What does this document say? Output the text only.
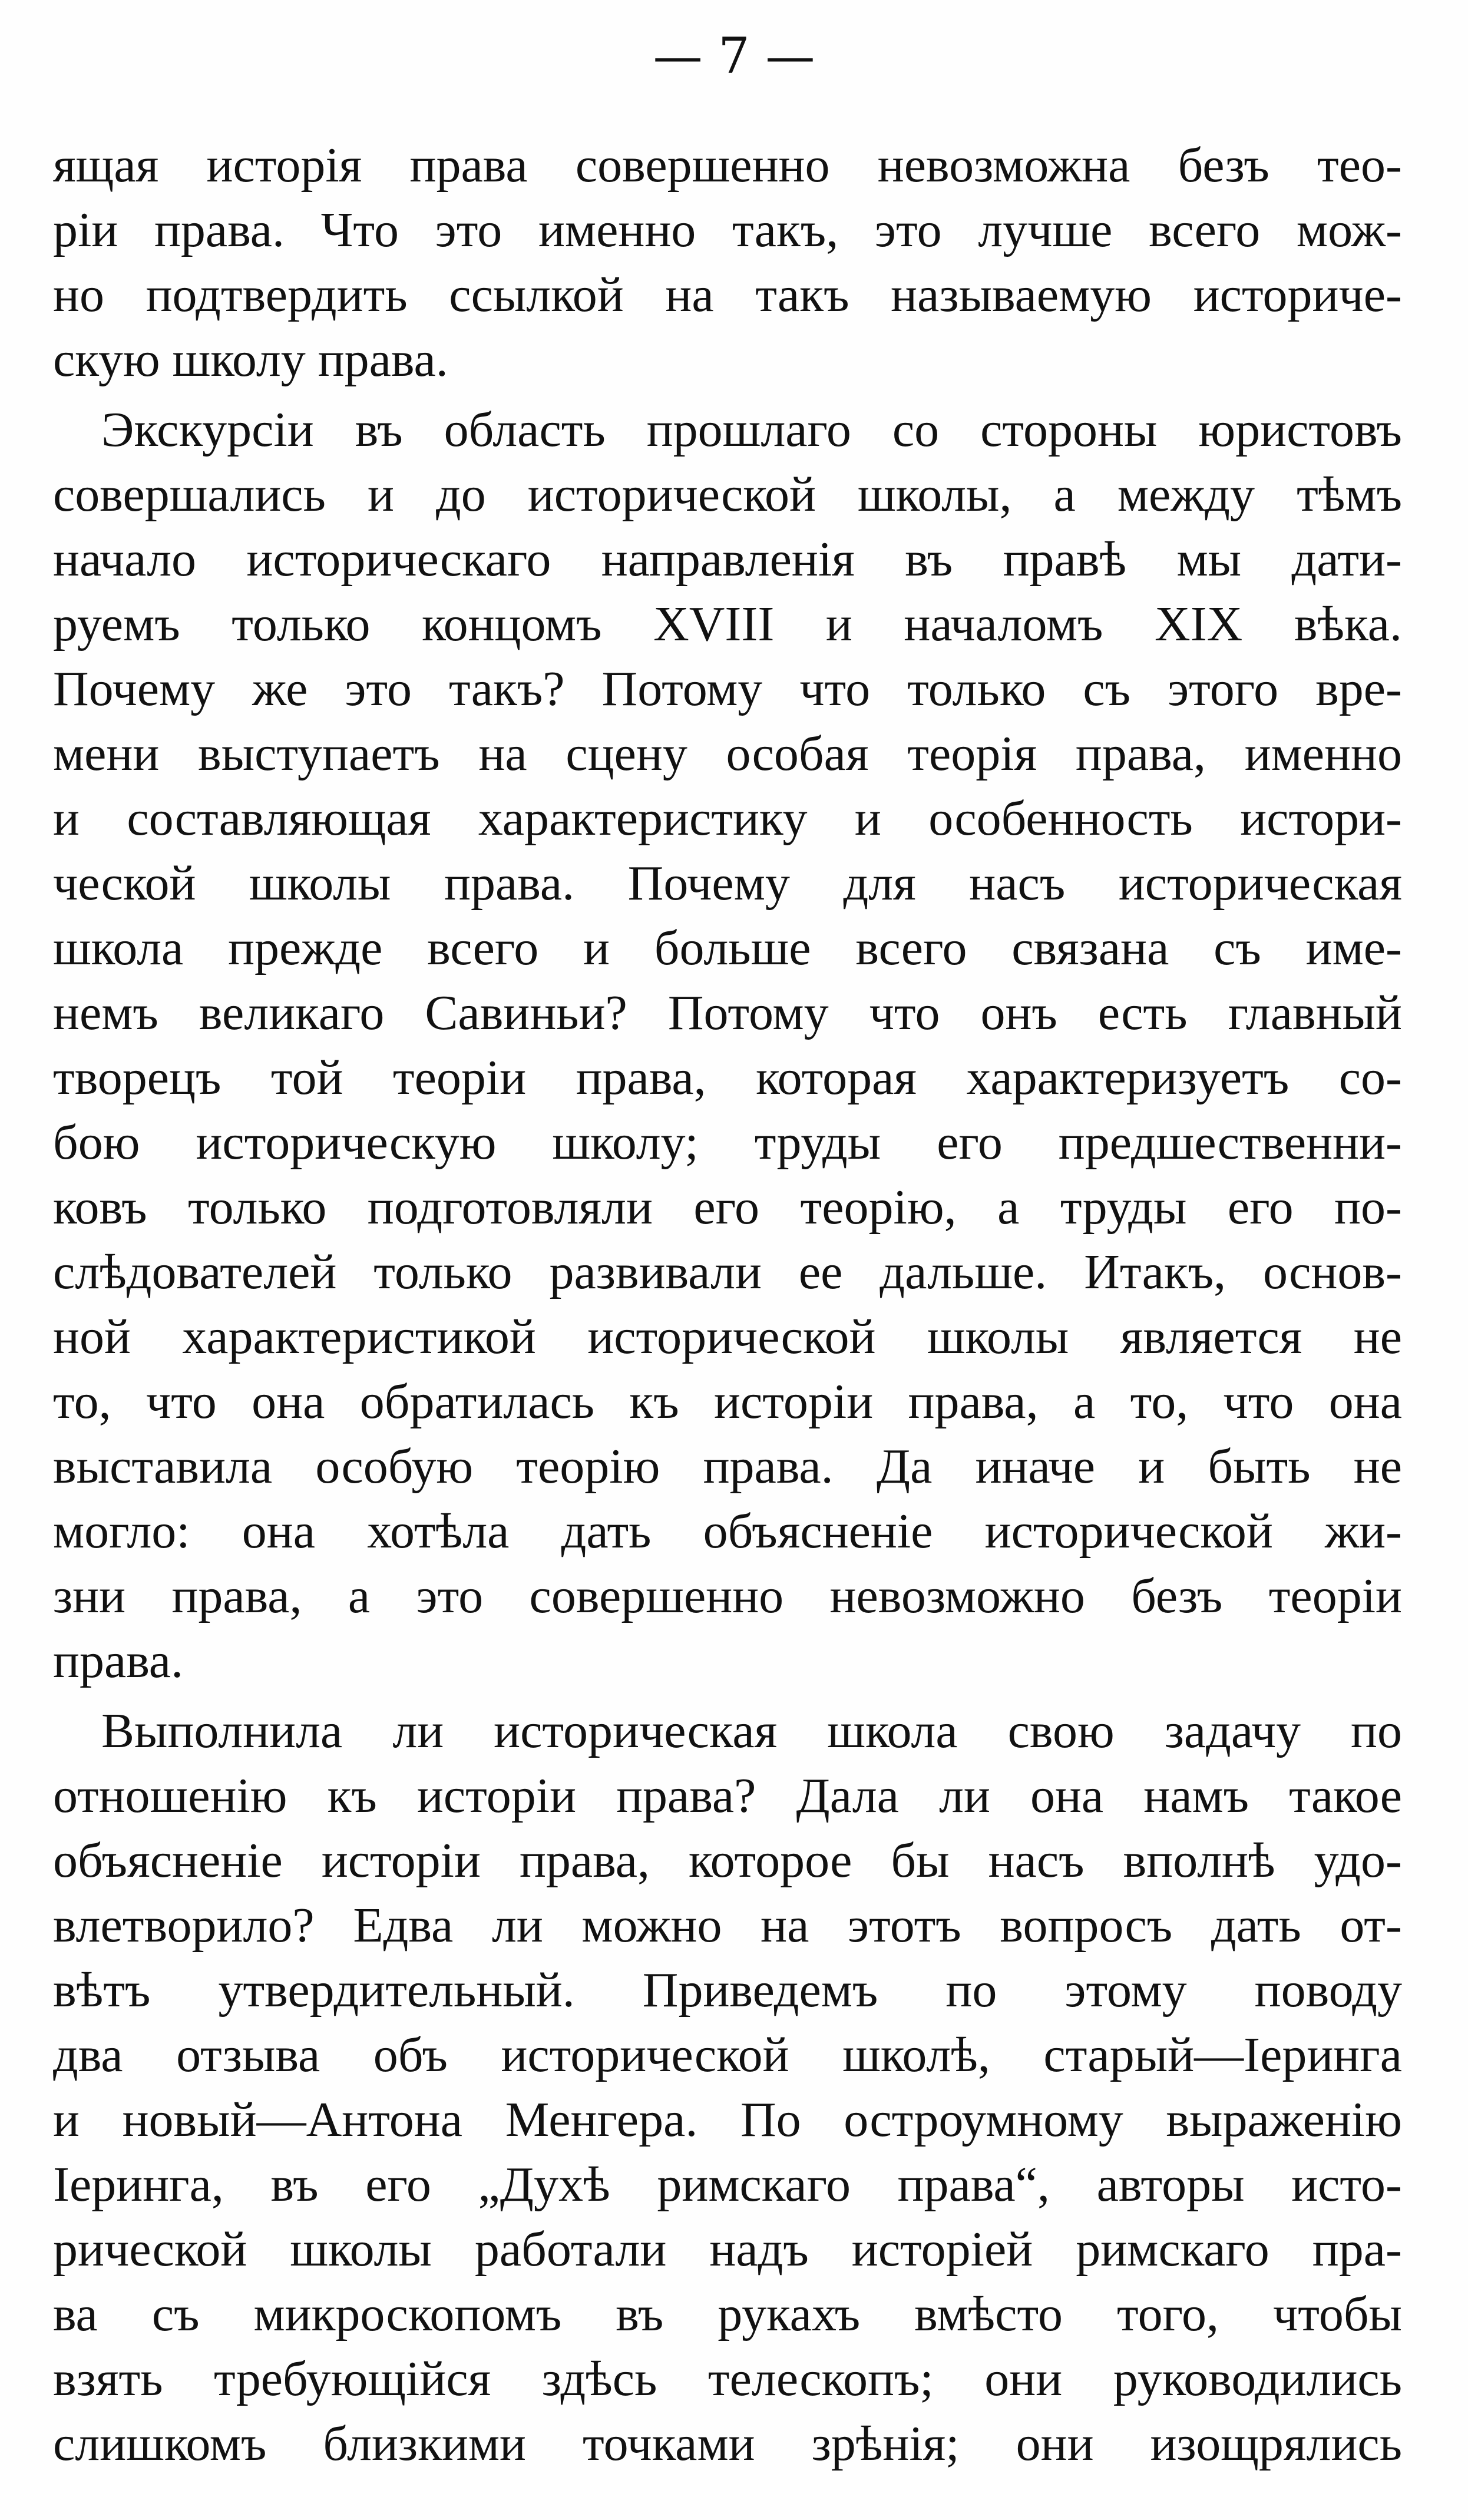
— 7 —
ящая исторія права совершенно невозможна безъ тео-
ріи права. Что это именно такъ, это лучше всего мож-
но подтвердить ссылкой на такъ называемую историче-
скую школу права.
Экскурсіи въ область прошлаго со стороны юристовъ
совершались и до исторической школы, а между тѣмъ
начало историческаго направленія въ правѣ мы дати-
руемъ только концомъ XVIII и началомъ XIX вѣка.
Почему же это такъ? Потому что только съ этого вре-
мени выступаетъ на сцену особая теорія права, именно
и составляющая характеристику и особенность истори-
ческой школы права. Почему для насъ историческая
школа прежде всего и больше всего связана съ име-
немъ великаго Савиньи? Потому что онъ есть главный
творецъ той теоріи права, которая характеризуетъ со-
бою историческую школу; труды его предшественни-
ковъ только подготовляли его теорію, а труды его по-
слѣдователей только развивали ее дальше. Итакъ, основ-
ной характеристикой исторической школы является не
то, что она обратилась къ исторіи права, а то, что она
выставила особую теорію права. Да иначе и быть не
могло: она хотѣла дать объясненіе исторической жи-
зни права, а это совершенно невозможно безъ теоріи
права.
Выполнила ли историческая школа свою задачу по
отношенію къ исторіи права? Дала ли она намъ такое
объясненіе исторіи права, которое бы насъ вполнѣ удо-
влетворило? Едва ли можно на этотъ вопросъ дать от-
вѣтъ утвердительный. Приведемъ по этому поводу
два отзыва объ исторической школѣ, старый—Іеринга
и новый—Антона Менгера. По остроумному выраженію
Іеринга, въ его „Духѣ римскаго права“, авторы исто-
рической школы работали надъ исторіей римскаго пра-
ва съ микроскопомъ въ рукахъ вмѣсто того, чтобы
взять требующійся здѣсь телескопъ; они руководились
слишкомъ близкими точками зрѣнія; они изощрялись
